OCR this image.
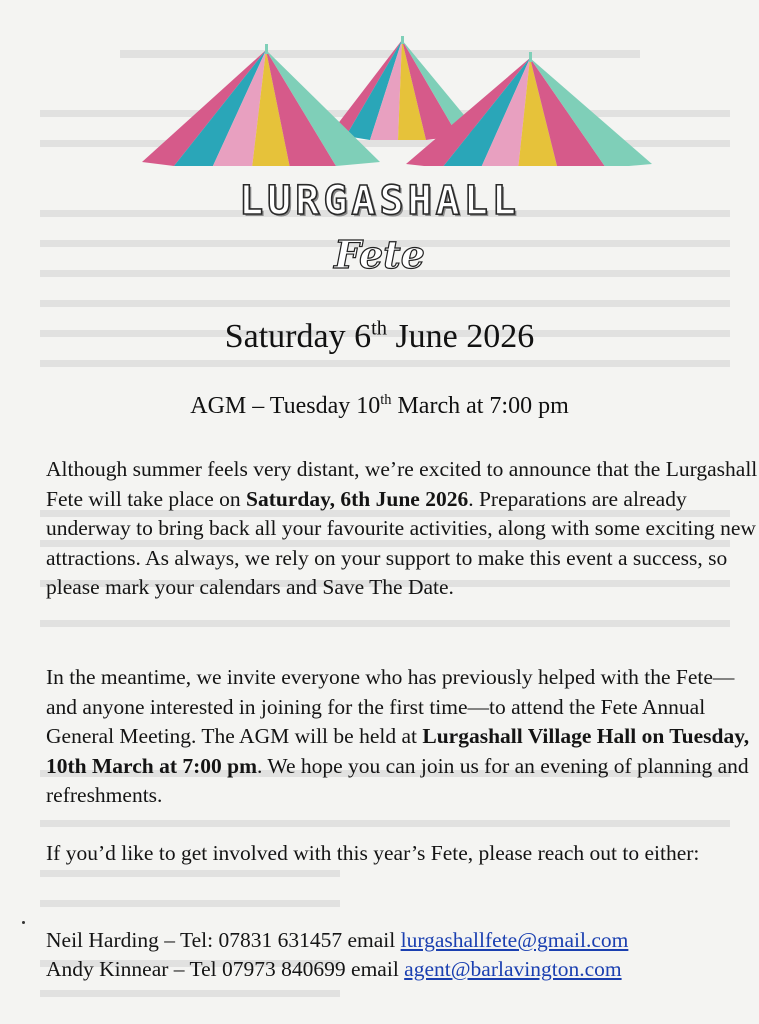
LURGASHALL
Fete
Saturday 6th June 2026
AGM – Tuesday 10th March at 7:00 pm

Although summer feels very distant, we’re excited to announce that the Lurgashall Fete will take place on Saturday, 6th June 2026. Preparations are already underway to bring back all your favourite activities, along with some exciting new attractions. As always, we rely on your support to make this event a success, so please mark your calendars and Save The Date.

In the meantime, we invite everyone who has previously helped with the Fete—and anyone interested in joining for the first time—to attend the Fete Annual General Meeting. The AGM will be held at Lurgashall Village Hall on Tuesday, 10th March at 7:00 pm. We hope you can join us for an evening of planning and refreshments.

If you’d like to get involved with this year’s Fete, please reach out to either:

Neil Harding – Tel: 07831 631457 email lurgashallfete@gmail.com
Andy Kinnear – Tel 07973 840699 email agent@barlavington.com
